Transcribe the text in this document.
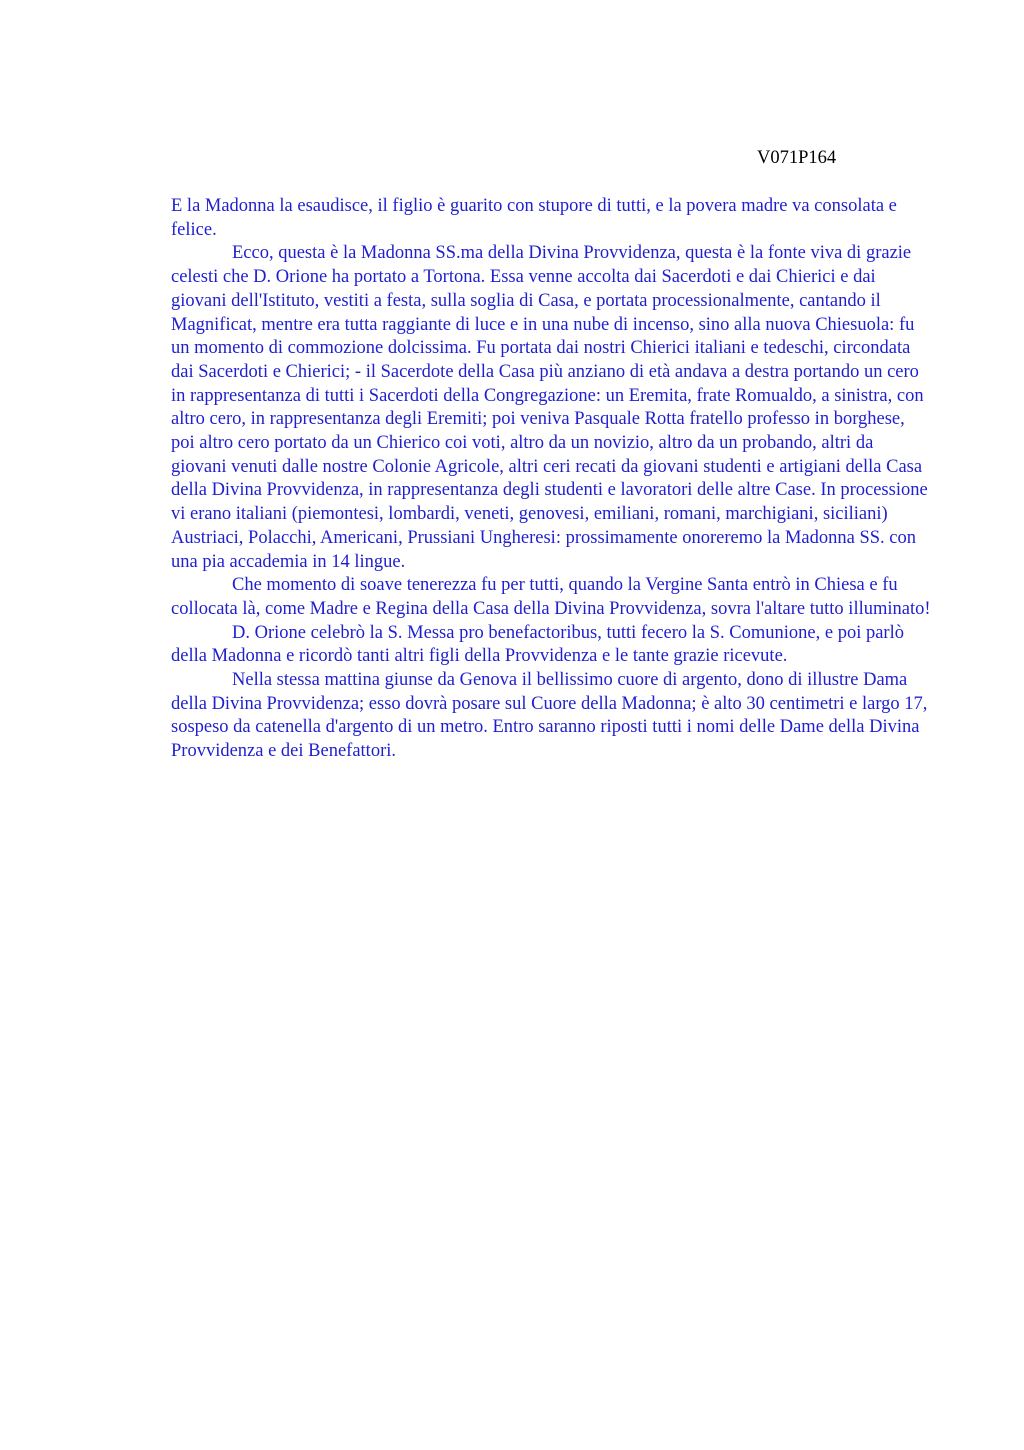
V071P164

E la Madonna la esaudisce, il figlio è guarito con stupore di tutti, e la povera madre va consolata e felice.

Ecco, questa è la Madonna SS.ma della Divina Provvidenza, questa è la fonte viva di grazie celesti che D. Orione ha portato a Tortona. Essa venne accolta dai Sacerdoti e dai Chierici e dai giovani dell'Istituto, vestiti a festa, sulla soglia di Casa, e portata processionalmente, cantando il Magnificat, mentre era tutta raggiante di luce e in una nube di incenso, sino alla nuova Chiesuola: fu un momento di commozione dolcissima. Fu portata dai nostri Chierici italiani e tedeschi, circondata dai Sacerdoti e Chierici; - il Sacerdote della Casa più anziano di età andava a destra portando un cero in rappresentanza di tutti i Sacerdoti della Congregazione: un Eremita, frate Romualdo, a sinistra, con altro cero, in rappresentanza degli Eremiti; poi veniva Pasquale Rotta fratello professo in borghese, poi altro cero portato da un Chierico coi voti, altro da un novizio, altro da un probando, altri da giovani venuti dalle nostre Colonie Agricole, altri ceri recati da giovani studenti e artigiani della Casa della Divina Provvidenza, in rappresentanza degli studenti e lavoratori delle altre Case. In processione vi erano italiani (piemontesi, lombardi, veneti, genovesi, emiliani, romani, marchigiani, siciliani) Austriaci, Polacchi, Americani, Prussiani Ungheresi: prossimamente onoreremo la Madonna SS. con una pia accademia in 14 lingue.

Che momento di soave tenerezza fu per tutti, quando la Vergine Santa entrò in Chiesa e fu collocata là, come Madre e Regina della Casa della Divina Provvidenza, sovra l'altare tutto illuminato!

D. Orione celebrò la S. Messa pro benefactoribus, tutti fecero la S. Comunione, e poi parlò della Madonna e ricordò tanti altri figli della Provvidenza e le tante grazie ricevute.

Nella stessa mattina giunse da Genova il bellissimo cuore di argento, dono di illustre Dama della Divina Provvidenza; esso dovrà posare sul Cuore della Madonna; è alto 30 centimetri e largo 17, sospeso da catenella d'argento di un metro. Entro saranno riposti tutti i nomi delle Dame della Divina Provvidenza e dei Benefattori.
